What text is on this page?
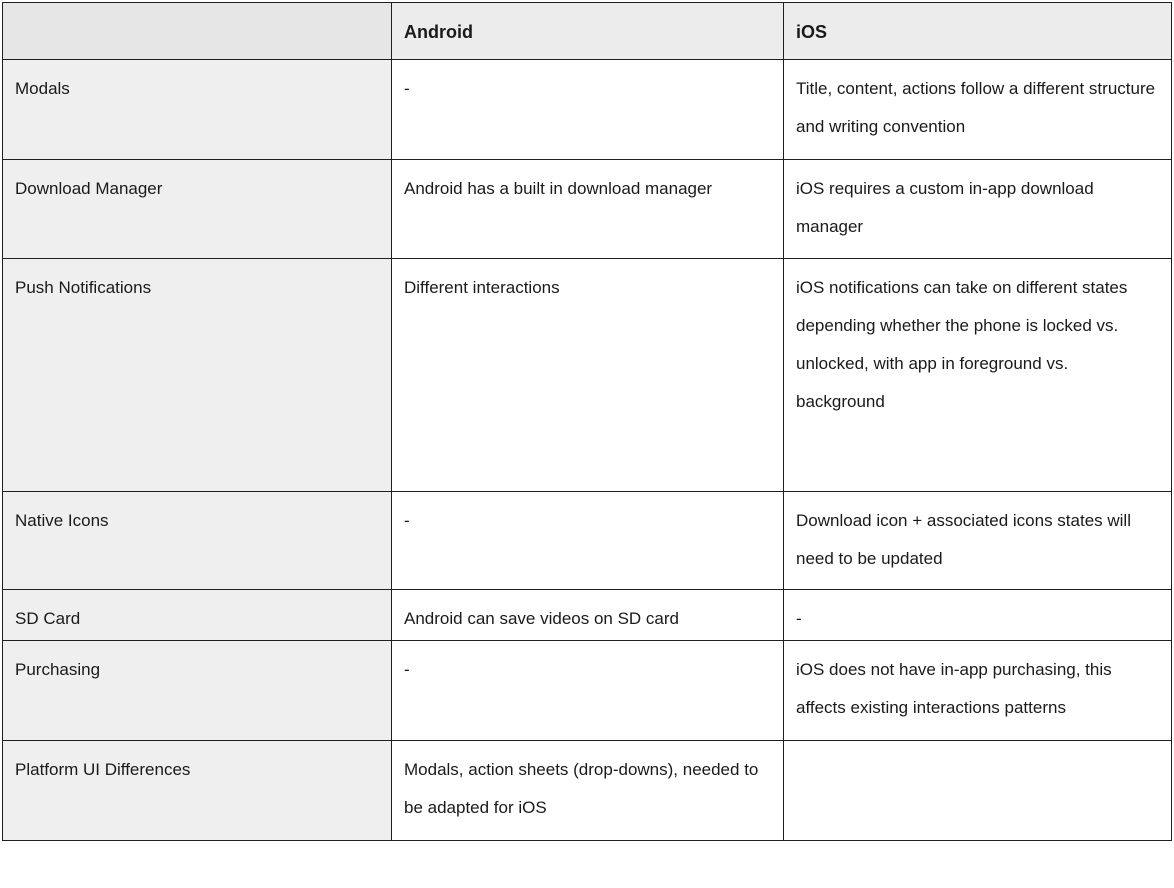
	Android	iOS
Modals	-	Title, content, actions follow a different structure and writing convention
Download Manager	Android has a built in download manager	iOS requires a custom in-app download manager
Push Notifications	Different interactions	iOS notifications can take on different states depending whether the phone is locked vs. unlocked, with app in foreground vs. background
Native Icons	-	Download icon + associated icons states will need to be updated
SD Card	Android can save videos on SD card	-
Purchasing	-	iOS does not have in-app purchasing, this affects existing interactions patterns
Platform UI Differences	Modals, action sheets (drop-downs), needed to be adapted for iOS	
